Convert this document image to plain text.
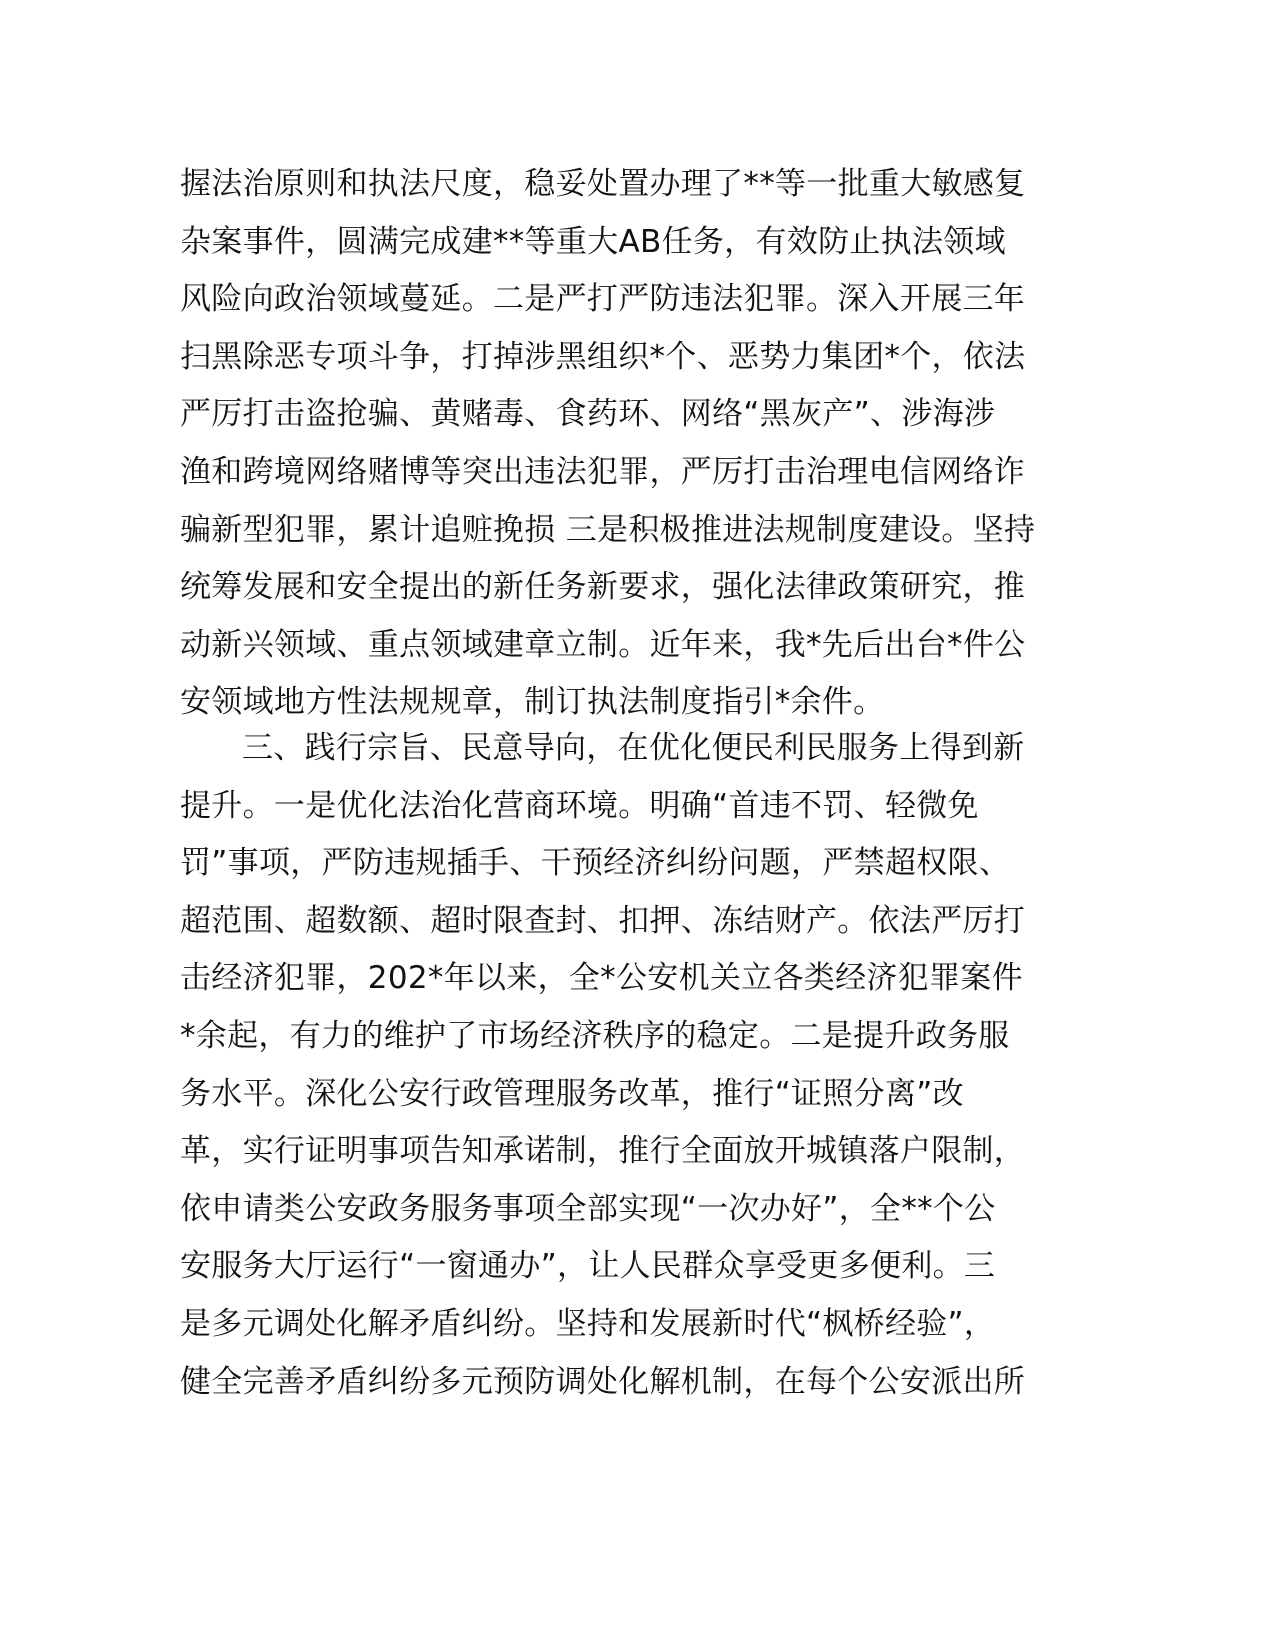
握法治原则和执法尺度，稳妥处置办理了**等一批重大敏感复
杂案事件，圆满完成建**等重大AB任务，有效防止执法领域
风险向政治领域蔓延。二是严打严防违法犯罪。深入开展三年
扫黑除恶专项斗争，打掉涉黑组织*个、恶势力集团*个，依法
严厉打击盗抢骗、黄赌毒、食药环、网络“黑灰产”、涉海涉
渔和跨境网络赌博等突出违法犯罪，严厉打击治理电信网络诈
骗新型犯罪，累计追赃挽损 三是积极推进法规制度建设。坚持
统筹发展和安全提出的新任务新要求，强化法律政策研究，推
动新兴领域、重点领域建章立制。近年来，我*先后出台*件公
安领域地方性法规规章，制订执法制度指引*余件。
三、践行宗旨、民意导向，在优化便民利民服务上得到新
提升。一是优化法治化营商环境。明确“首违不罚、轻微免
罚”事项，严防违规插手、干预经济纠纷问题，严禁超权限、
超范围、超数额、超时限查封、扣押、冻结财产。依法严厉打
击经济犯罪，202*年以来，全*公安机关立各类经济犯罪案件
*余起，有力的维护了市场经济秩序的稳定。二是提升政务服
务水平。深化公安行政管理服务改革，推行“证照分离”改
革，实行证明事项告知承诺制，推行全面放开城镇落户限制，
依申请类公安政务服务事项全部实现“一次办好”，全**个公
安服务大厅运行“一窗通办”，让人民群众享受更多便利。三
是多元调处化解矛盾纠纷。坚持和发展新时代“枫桥经验”，
健全完善矛盾纠纷多元预防调处化解机制，在每个公安派出所
